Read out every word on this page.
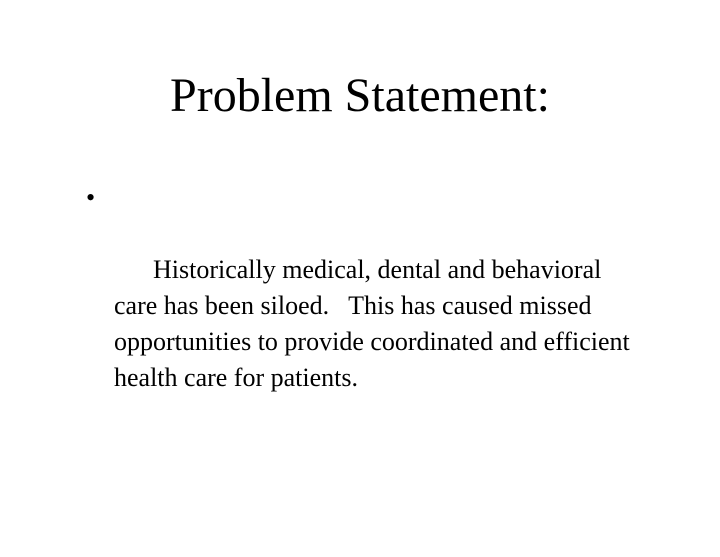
Problem Statement:

•

Historically medical, dental and behavioral care has been siloed.   This has caused missed opportunities to provide coordinated and efficient health care for patients.
